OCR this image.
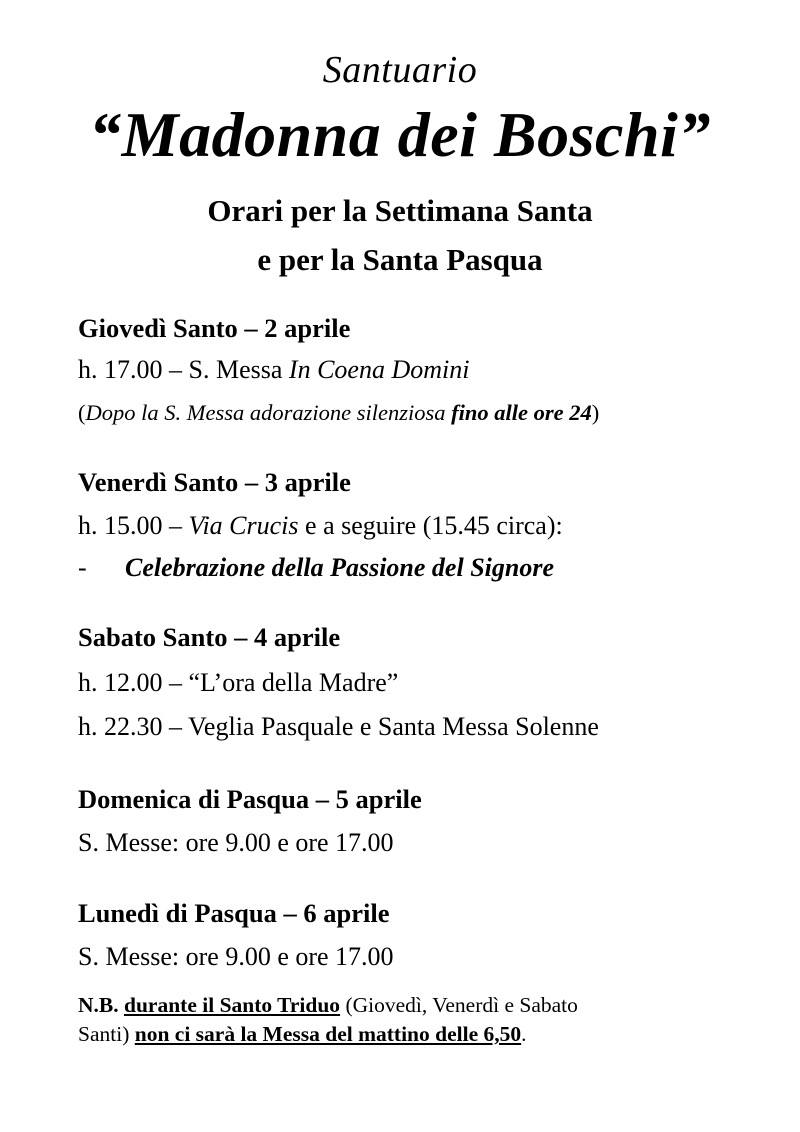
Santuario
“Madonna dei Boschi”
Orari per la Settimana Santa
e per la Santa Pasqua
Giovedì Santo – 2 aprile
h. 17.00 – S. Messa In Coena Domini
(Dopo la S. Messa adorazione silenziosa fino alle ore 24)
Venerdì Santo – 3 aprile
h. 15.00 – Via Crucis e a seguire (15.45 circa):
- Celebrazione della Passione del Signore
Sabato Santo – 4 aprile
h. 12.00 – “L’ora della Madre”
h. 22.30 – Veglia Pasquale e Santa Messa Solenne
Domenica di Pasqua – 5 aprile
S. Messe: ore 9.00 e ore 17.00
Lunedì di Pasqua – 6 aprile
S. Messe: ore 9.00 e ore 17.00
N.B. durante il Santo Triduo (Giovedì, Venerdì e Sabato
Santi) non ci sarà la Messa del mattino delle 6,50.
